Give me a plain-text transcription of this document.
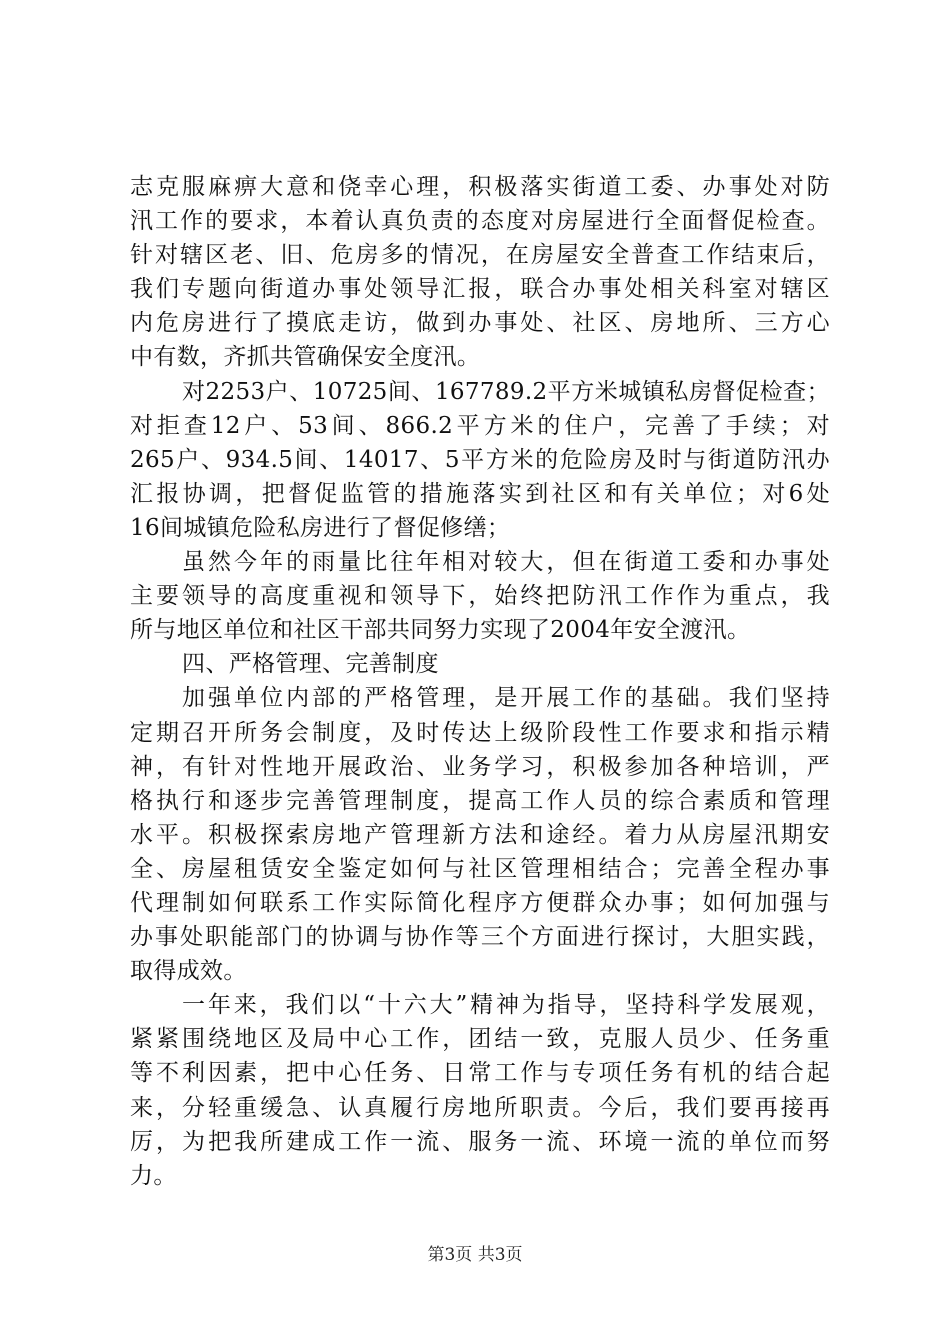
志克服麻痹大意和侥幸心理，积极落实街道工委、办事处对防
汛工作的要求，本着认真负责的态度对房屋进行全面督促检查。
针对辖区老、旧、危房多的情况，在房屋安全普查工作结束后，
我们专题向街道办事处领导汇报，联合办事处相关科室对辖区
内危房进行了摸底走访，做到办事处、社区、房地所、三方心
中有数，齐抓共管确保安全度汛。
对2253户、10725间、167789.2平方米城镇私房督促检查；
对拒查12户、53间、866.2平方米的住户，完善了手续；对
265户、934.5间、14017、5平方米的危险房及时与街道防汛办
汇报协调，把督促监管的措施落实到社区和有关单位；对6处
16间城镇危险私房进行了督促修缮；
虽然今年的雨量比往年相对较大，但在街道工委和办事处
主要领导的高度重视和领导下，始终把防汛工作作为重点，我
所与地区单位和社区干部共同努力实现了2004年安全渡汛。
四、严格管理、完善制度
加强单位内部的严格管理，是开展工作的基础。我们坚持
定期召开所务会制度，及时传达上级阶段性工作要求和指示精
神，有针对性地开展政治、业务学习，积极参加各种培训，严
格执行和逐步完善管理制度，提高工作人员的综合素质和管理
水平。积极探索房地产管理新方法和途经。着力从房屋汛期安
全、房屋租赁安全鉴定如何与社区管理相结合；完善全程办事
代理制如何联系工作实际简化程序方便群众办事；如何加强与
办事处职能部门的协调与协作等三个方面进行探讨，大胆实践，
取得成效。
一年来，我们以“十六大”精神为指导，坚持科学发展观，
紧紧围绕地区及局中心工作，团结一致，克服人员少、任务重
等不利因素，把中心任务、日常工作与专项任务有机的结合起
来，分轻重缓急、认真履行房地所职责。今后，我们要再接再
厉，为把我所建成工作一流、服务一流、环境一流的单位而努
力。
第3页 共3页
